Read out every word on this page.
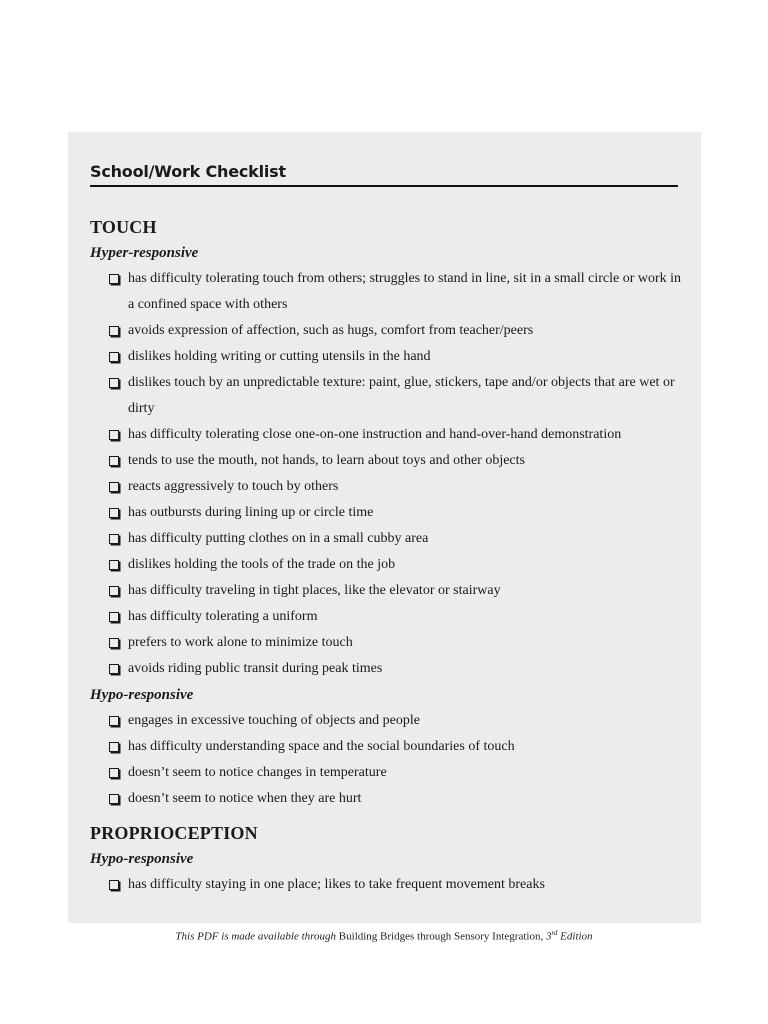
School/Work Checklist
TOUCH
Hyper-responsive
has difficulty tolerating touch from others; struggles to stand in line, sit in a small circle or work in a confined space with others
avoids expression of affection, such as hugs, comfort from teacher/peers
dislikes holding writing or cutting utensils in the hand
dislikes touch by an unpredictable texture: paint, glue, stickers, tape and/or objects that are wet or dirty
has difficulty tolerating close one-on-one instruction and hand-over-hand demonstration
tends to use the mouth, not hands, to learn about toys and other objects
reacts aggressively to touch by others
has outbursts during lining up or circle time
has difficulty putting clothes on in a small cubby area
dislikes holding the tools of the trade on the job
has difficulty traveling in tight places, like the elevator or stairway
has difficulty tolerating a uniform
prefers to work alone to minimize touch
avoids riding public transit during peak times
Hypo-responsive
engages in excessive touching of objects and people
has difficulty understanding space and the social boundaries of touch
doesn’t seem to notice changes in temperature
doesn’t seem to notice when they are hurt
PROPRIOCEPTION
Hypo-responsive
has difficulty staying in one place; likes to take frequent movement breaks
This PDF is made available through Building Bridges through Sensory Integration, 3rd Edition
